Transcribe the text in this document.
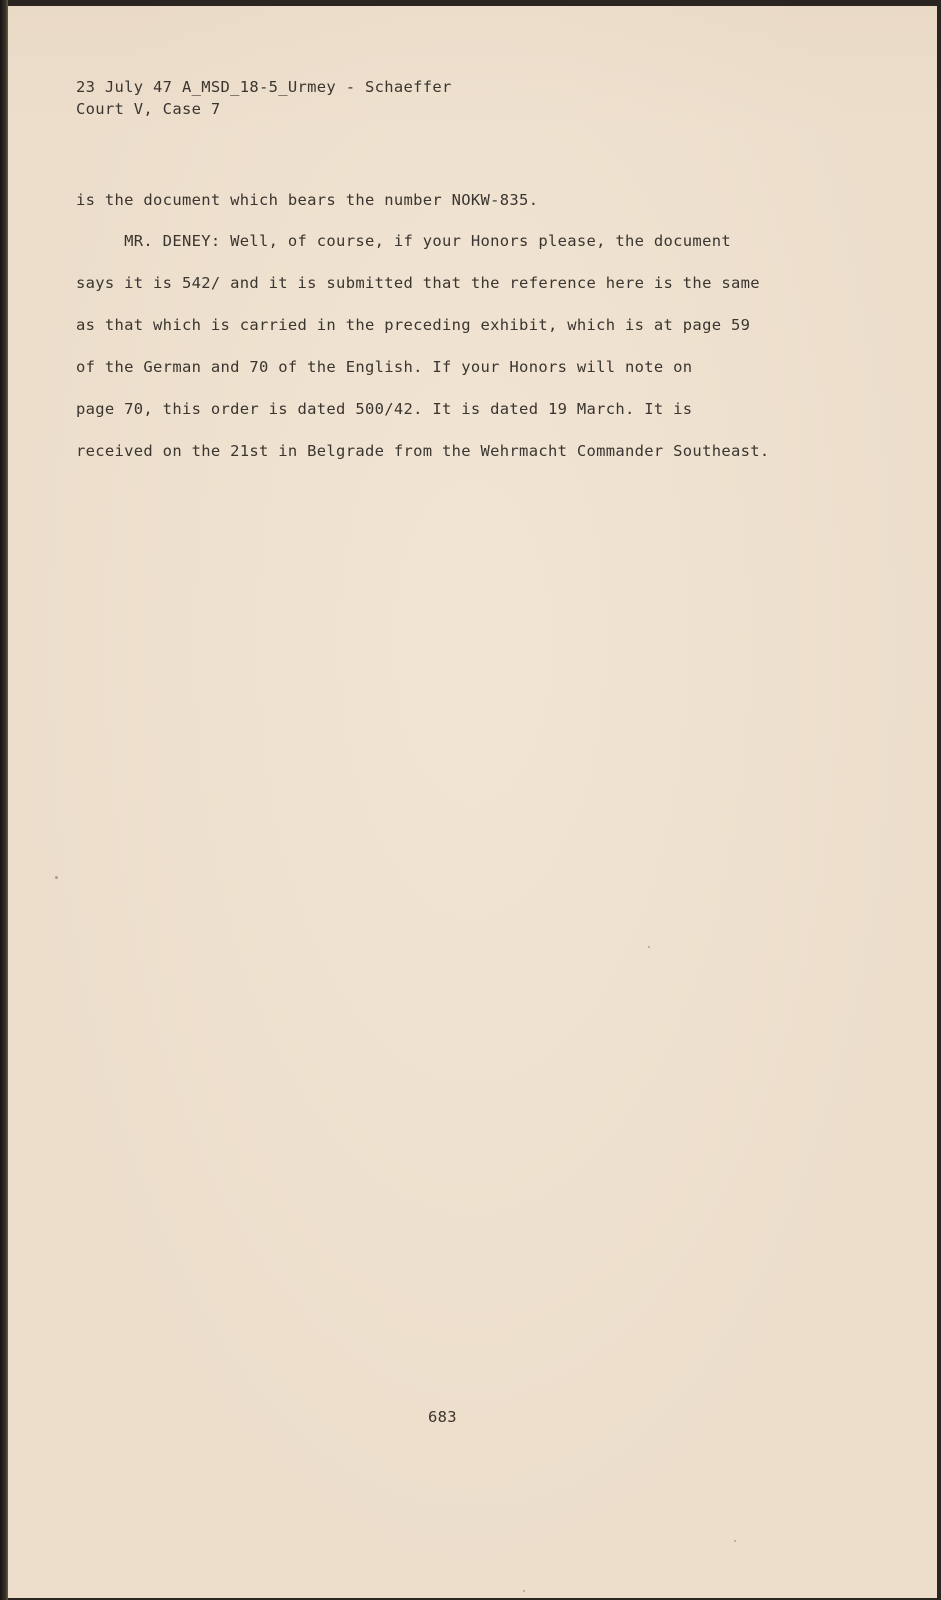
23 July 47 A_MSD_18-5_Urmey - Schaeffer
Court V, Case 7
is the document which bears the number NOKW-835.
MR. DENEY: Well, of course, if your Honors please, the document
says it is 542/ and it is submitted that the reference here is the same
as that which is carried in the preceding exhibit, which is at page 59
of the German and 70 of the English. If your Honors will note on
page 70, this order is dated 500/42. It is dated 19 March. It is
received on the 21st in Belgrade from the Wehrmacht Commander Southeast.
683
